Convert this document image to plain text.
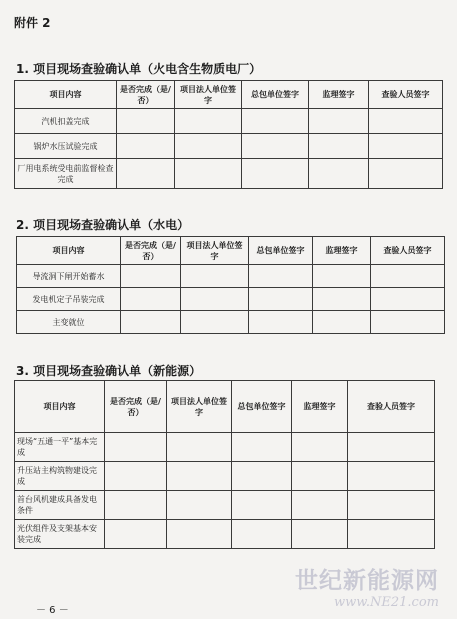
附件 2
1. 项目现场查验确认单（火电含生物质电厂）
项目内容	是否完成（是/否）	项目法人单位签字	总包单位签字	监理签字	查验人员签字
汽机扣盖完成					
锅炉水压试验完成					
厂用电系统受电前监督检查完成					
2. 项目现场查验确认单（水电）
项目内容	是否完成（是/否）	项目法人单位签字	总包单位签字	监理签字	查验人员签字
导流洞下闸开始蓄水					
发电机定子吊装完成					
主变就位					
3. 项目现场查验确认单（新能源）
项目内容	是否完成（是/否）	项目法人单位签字	总包单位签字	监理签字	查验人员签字
现场“五通一平”基本完成					
升压站主构筑物建设完成					
首台风机建成具备发电条件					
光伏组件及支架基本安装完成					
－ 6 －
世纪新能源网
www.NE21.com
